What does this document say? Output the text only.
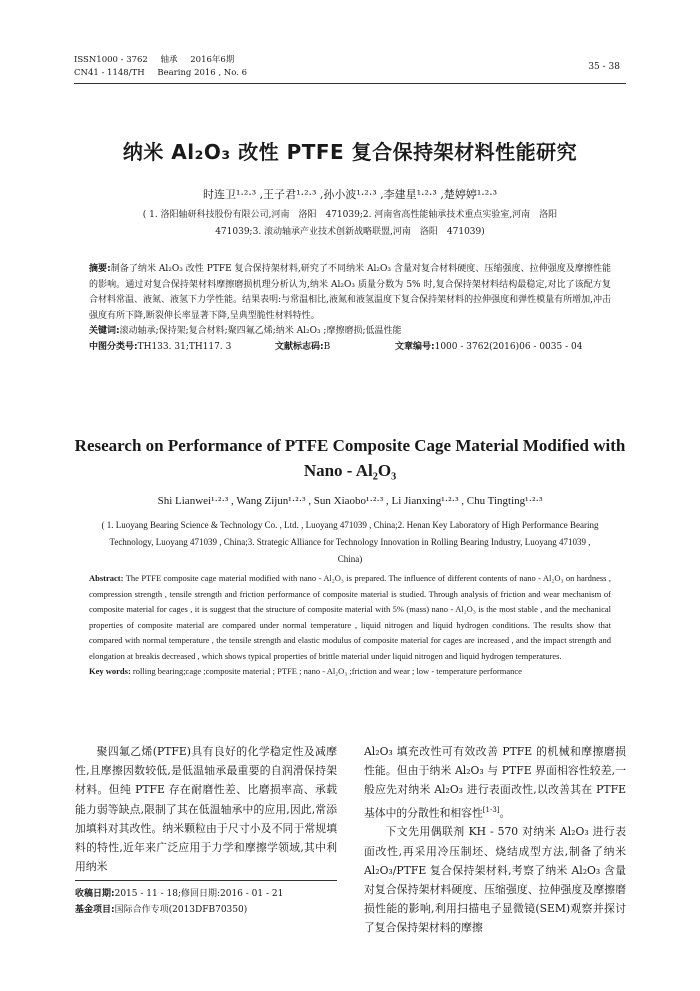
ISSN1000 - 3762 轴承 2016年6期
CN41 - 1148/TH Bearing 2016 , No. 6
35 - 38
纳米 Al₂O₃ 改性 PTFE 复合保持架材料性能研究
时连卫¹·²·³ ,王子君¹·²·³ ,孙小波¹·²·³ ,李建星¹·²·³ ,楚婷婷¹·²·³
( 1. 洛阳轴研科技股份有限公司,河南　洛阳　471039;2. 河南省高性能轴承技术重点实验室,河南　洛阳
471039;3. 滚动轴承产业技术创新战略联盟,河南　洛阳　471039)
摘要:制备了纳米 Al₂O₃ 改性 PTFE 复合保持架材料,研究了不同纳米 Al₂O₃ 含量对复合材料硬度、压缩强度、拉伸强度及摩擦性能的影响。通过对复合保持架材料摩擦磨损机理分析认为,纳米 Al₂O₃ 质量分数为 5% 时,复合保持架材料结构最稳定,对比了该配方复合材料常温、液氮、液氢下力学性能。结果表明:与常温相比,液氮和液氢温度下复合保持架材料的拉伸强度和弹性模量有所增加,冲击强度有所下降,断裂伸长率显著下降,呈典型脆性材料特性。
关键词:滚动轴承;保持架;复合材料;聚四氟乙烯;纳米 Al₂O₃ ;摩擦磨损;低温性能
中图分类号:TH133. 31;TH117. 3	文献标志码:B	文章编号:1000 - 3762(2016)06 - 0035 - 04
Research on Performance of PTFE Composite Cage Material Modified with Nano - Al₂O₃
Shi Lianwei¹·²·³ , Wang Zijun¹·²·³ , Sun Xiaobo¹·²·³ , Li Jianxing¹·²·³ , Chu Tingting¹·²·³
( 1. Luoyang Bearing Science & Technology Co. , Ltd. , Luoyang 471039 , China;2. Henan Key Laboratory of High Performance Bearing Technology, Luoyang 471039 , China;3. Strategic Alliance for Technology Innovation in Rolling Bearing Industry, Luoyang 471039 , China)
Abstract: The PTFE composite cage material modified with nano - Al₂O₃ is prepared. The influence of different contents of nano - Al₂O₃ on hardness , compression strength , tensile strength and friction performance of composite material is studied. Through analysis of friction and wear mechanism of composite material for cages , it is suggest that the structure of composite material with 5% (mass) nano - Al₂O₃ is the most stable , and the mechanical properties of composite material are compared under normal temperature , liquid nitrogen and liquid hydrogen conditions. The results show that compared with normal temperature , the tensile strength and elastic modulus of composite material for cages are increased , and the impact strength and elongation at breakis decreased , which shows typical properties of brittle material under liquid nitrogen and liquid hydrogen temperatures.
Key words: rolling bearing;cage ;composite material ; PTFE ; nano - Al₂O₃ ;friction and wear ; low - temperature performance

聚四氟乙烯(PTFE)具有良好的化学稳定性及减摩性,且摩擦因数较低,是低温轴承最重要的自润滑保持架材料。但纯 PTFE 存在耐磨性差、比磨损率高、承载能力弱等缺点,限制了其在低温轴承中的应用,因此,常添加填料对其改性。纳米颗粒由于尺寸小及不同于常规填料的特性,近年来广泛应用于力学和摩擦学领域,其中利用纳米

收稿日期:2015 - 11 - 18;修回日期:2016 - 01 - 21
基金项目:国际合作专项(2013DFB70350)

Al₂O₃ 填充改性可有效改善 PTFE 的机械和摩擦磨损性能。但由于纳米 Al₂O₃ 与 PTFE 界面相容性较差,一般应先对纳米 Al₂O₃ 进行表面改性,以改善其在 PTFE 基体中的分散性和相容性[1-3]。

下文先用偶联剂 KH - 570 对纳米 Al₂O₃ 进行表面改性,再采用冷压制坯、烧结成型方法,制备了纳米 Al₂O₃/PTFE 复合保持架材料,考察了纳米 Al₂O₃ 含量对复合保持架材料硬度、压缩强度、拉伸强度及摩擦磨损性能的影响,利用扫描电子显微镜(SEM)观察并探讨了复合保持架材料的摩擦
